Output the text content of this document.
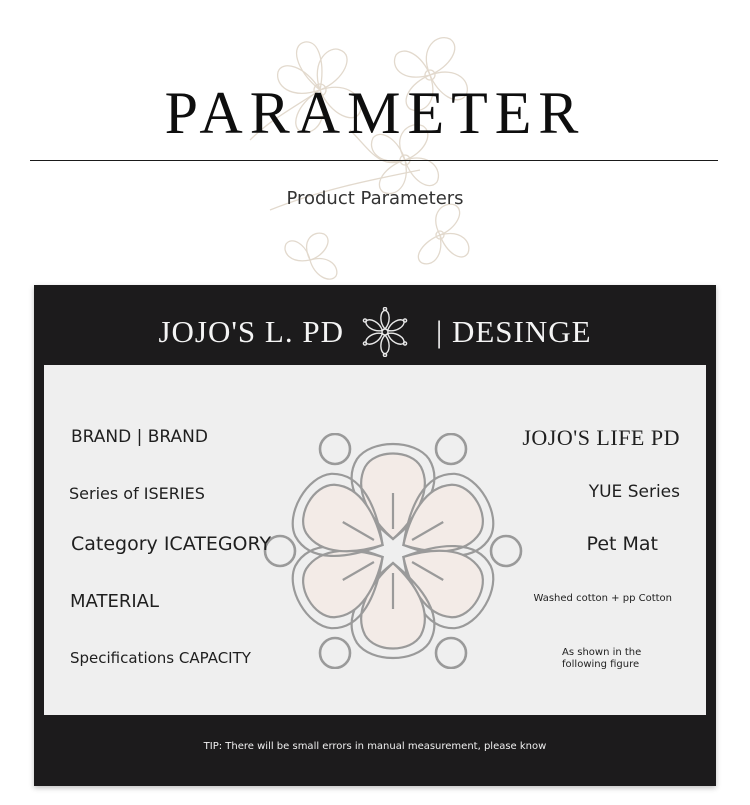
PARAMETER
Product Parameters
JOJO'S L. PD	| DESINGE
BRAND | BRAND
Series of ISERIES
Category ICATEGORY
MATERIAL
Specifications CAPACITY
JOJO'S LIFE PD
YUE Series
Pet Mat
Washed cotton + pp Cotton
As shown in the following figure
TIP: There will be small errors in manual measurement, please know
